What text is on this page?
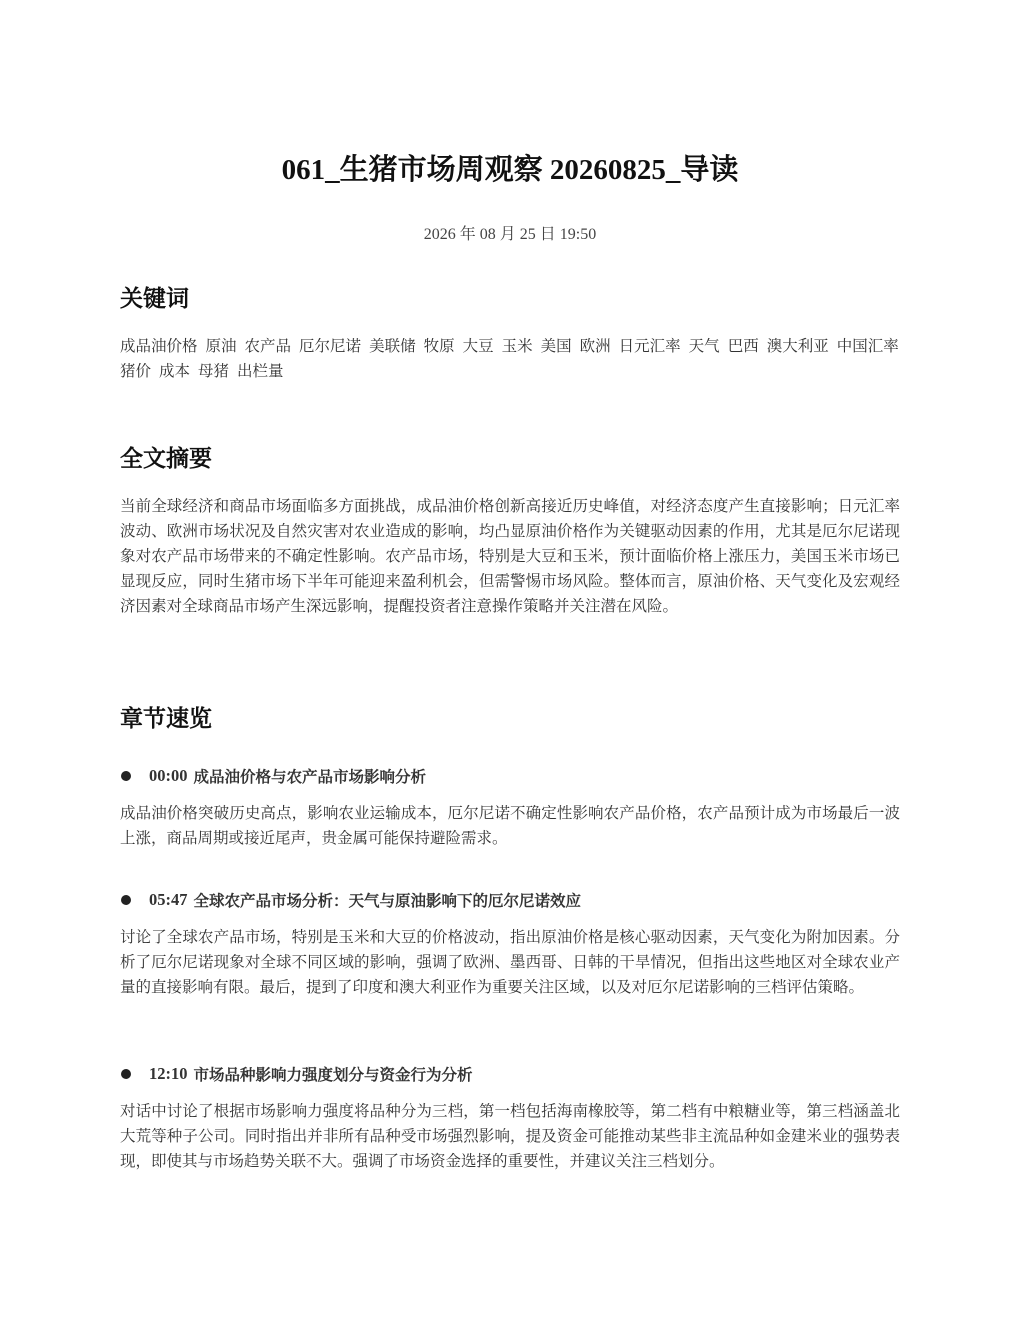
061_生猪市场周观察 20260825_导读
2026 年 08 月 25 日 19:50
关键词
成品油价格 原油 农产品 厄尔尼诺 美联储 牧原 大豆 玉米 美国 欧洲 日元汇率 天气 巴西 澳大利亚 中国汇率
猪价 成本 母猪 出栏量
全文摘要

当前全球经济和商品市场面临多方面挑战，成品油价格创新高接近历史峰值，对经济态度产生直接影响；日元汇率波动、欧洲市场状况及自然灾害对农业造成的影响，均凸显原油价格作为关键驱动因素的作用，尤其是厄尔尼诺现象对农产品市场带来的不确定性影响。农产品市场，特别是大豆和玉米，预计面临价格上涨压力，美国玉米市场已显现反应，同时生猪市场下半年可能迎来盈利机会，但需警惕市场风险。整体而言，原油价格、天气变化及宏观经济因素对全球商品市场产生深远影响，提醒投资者注意操作策略并关注潜在风险。

章节速览
00:00 成品油价格与农产品市场影响分析

成品油价格突破历史高点，影响农业运输成本，厄尔尼诺不确定性影响农产品价格，农产品预计成为市场最后一波上涨，商品周期或接近尾声，贵金属可能保持避险需求。

05:47 全球农产品市场分析：天气与原油影响下的厄尔尼诺效应

讨论了全球农产品市场，特别是玉米和大豆的价格波动，指出原油价格是核心驱动因素，天气变化为附加因素。分析了厄尔尼诺现象对全球不同区域的影响，强调了欧洲、墨西哥、日韩的干旱情况，但指出这些地区对全球农业产量的直接影响有限。最后，提到了印度和澳大利亚作为重要关注区域，以及对厄尔尼诺影响的三档评估策略。

12:10 市场品种影响力强度划分与资金行为分析

对话中讨论了根据市场影响力强度将品种分为三档，第一档包括海南橡胶等，第二档有中粮糖业等，第三档涵盖北大荒等种子公司。同时指出并非所有品种受市场强烈影响，提及资金可能推动某些非主流品种如金建米业的强势表现，即使其与市场趋势关联不大。强调了市场资金选择的重要性，并建议关注三档划分。
